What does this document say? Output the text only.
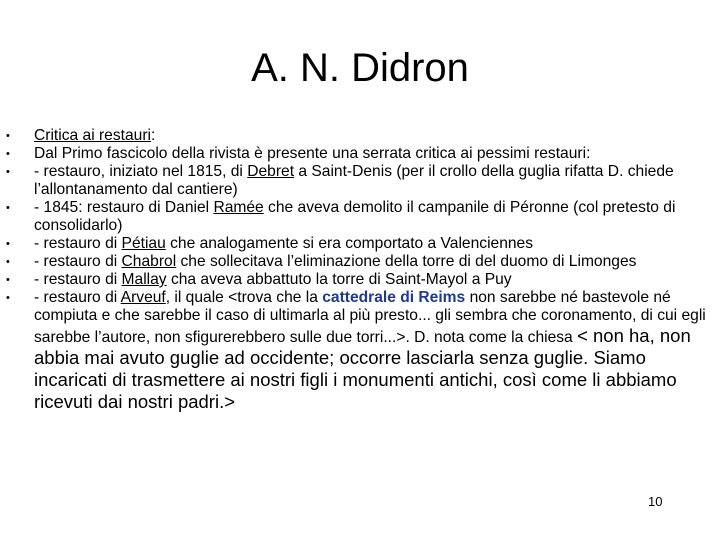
A. N. Didron
• Critica ai restauri:
• Dal Primo fascicolo della rivista è presente una serrata critica ai pessimi restauri:
• - restauro, iniziato nel 1815, di Debret a Saint-Denis (per il crollo della guglia rifatta D. chiede l’allontanamento dal cantiere)
• - 1845: restauro di Daniel Ramée che aveva demolito il campanile di Péronne (col pretesto di consolidarlo)
• - restauro di Pétiau che analogamente si era comportato a Valenciennes
• - restauro di Chabrol che sollecitava l’eliminazione della torre di del duomo di Limonges
• - restauro di Mallay cha aveva abbattuto la torre di Saint-Mayol a Puy
• - restauro di Arveuf, il quale <trova che la cattedrale di Reims non sarebbe né bastevole né compiuta e che sarebbe il caso di ultimarla al più presto... gli sembra che coronamento, di cui egli sarebbe l’autore, non sfigurerebbero sulle due torri...>. D. nota come la chiesa < non ha, non abbia mai avuto guglie ad occidente; occorre lasciarla senza guglie. Siamo incaricati di trasmettere ai nostri figli i monumenti antichi, così come li abbiamo ricevuti dai nostri padri.>
10
